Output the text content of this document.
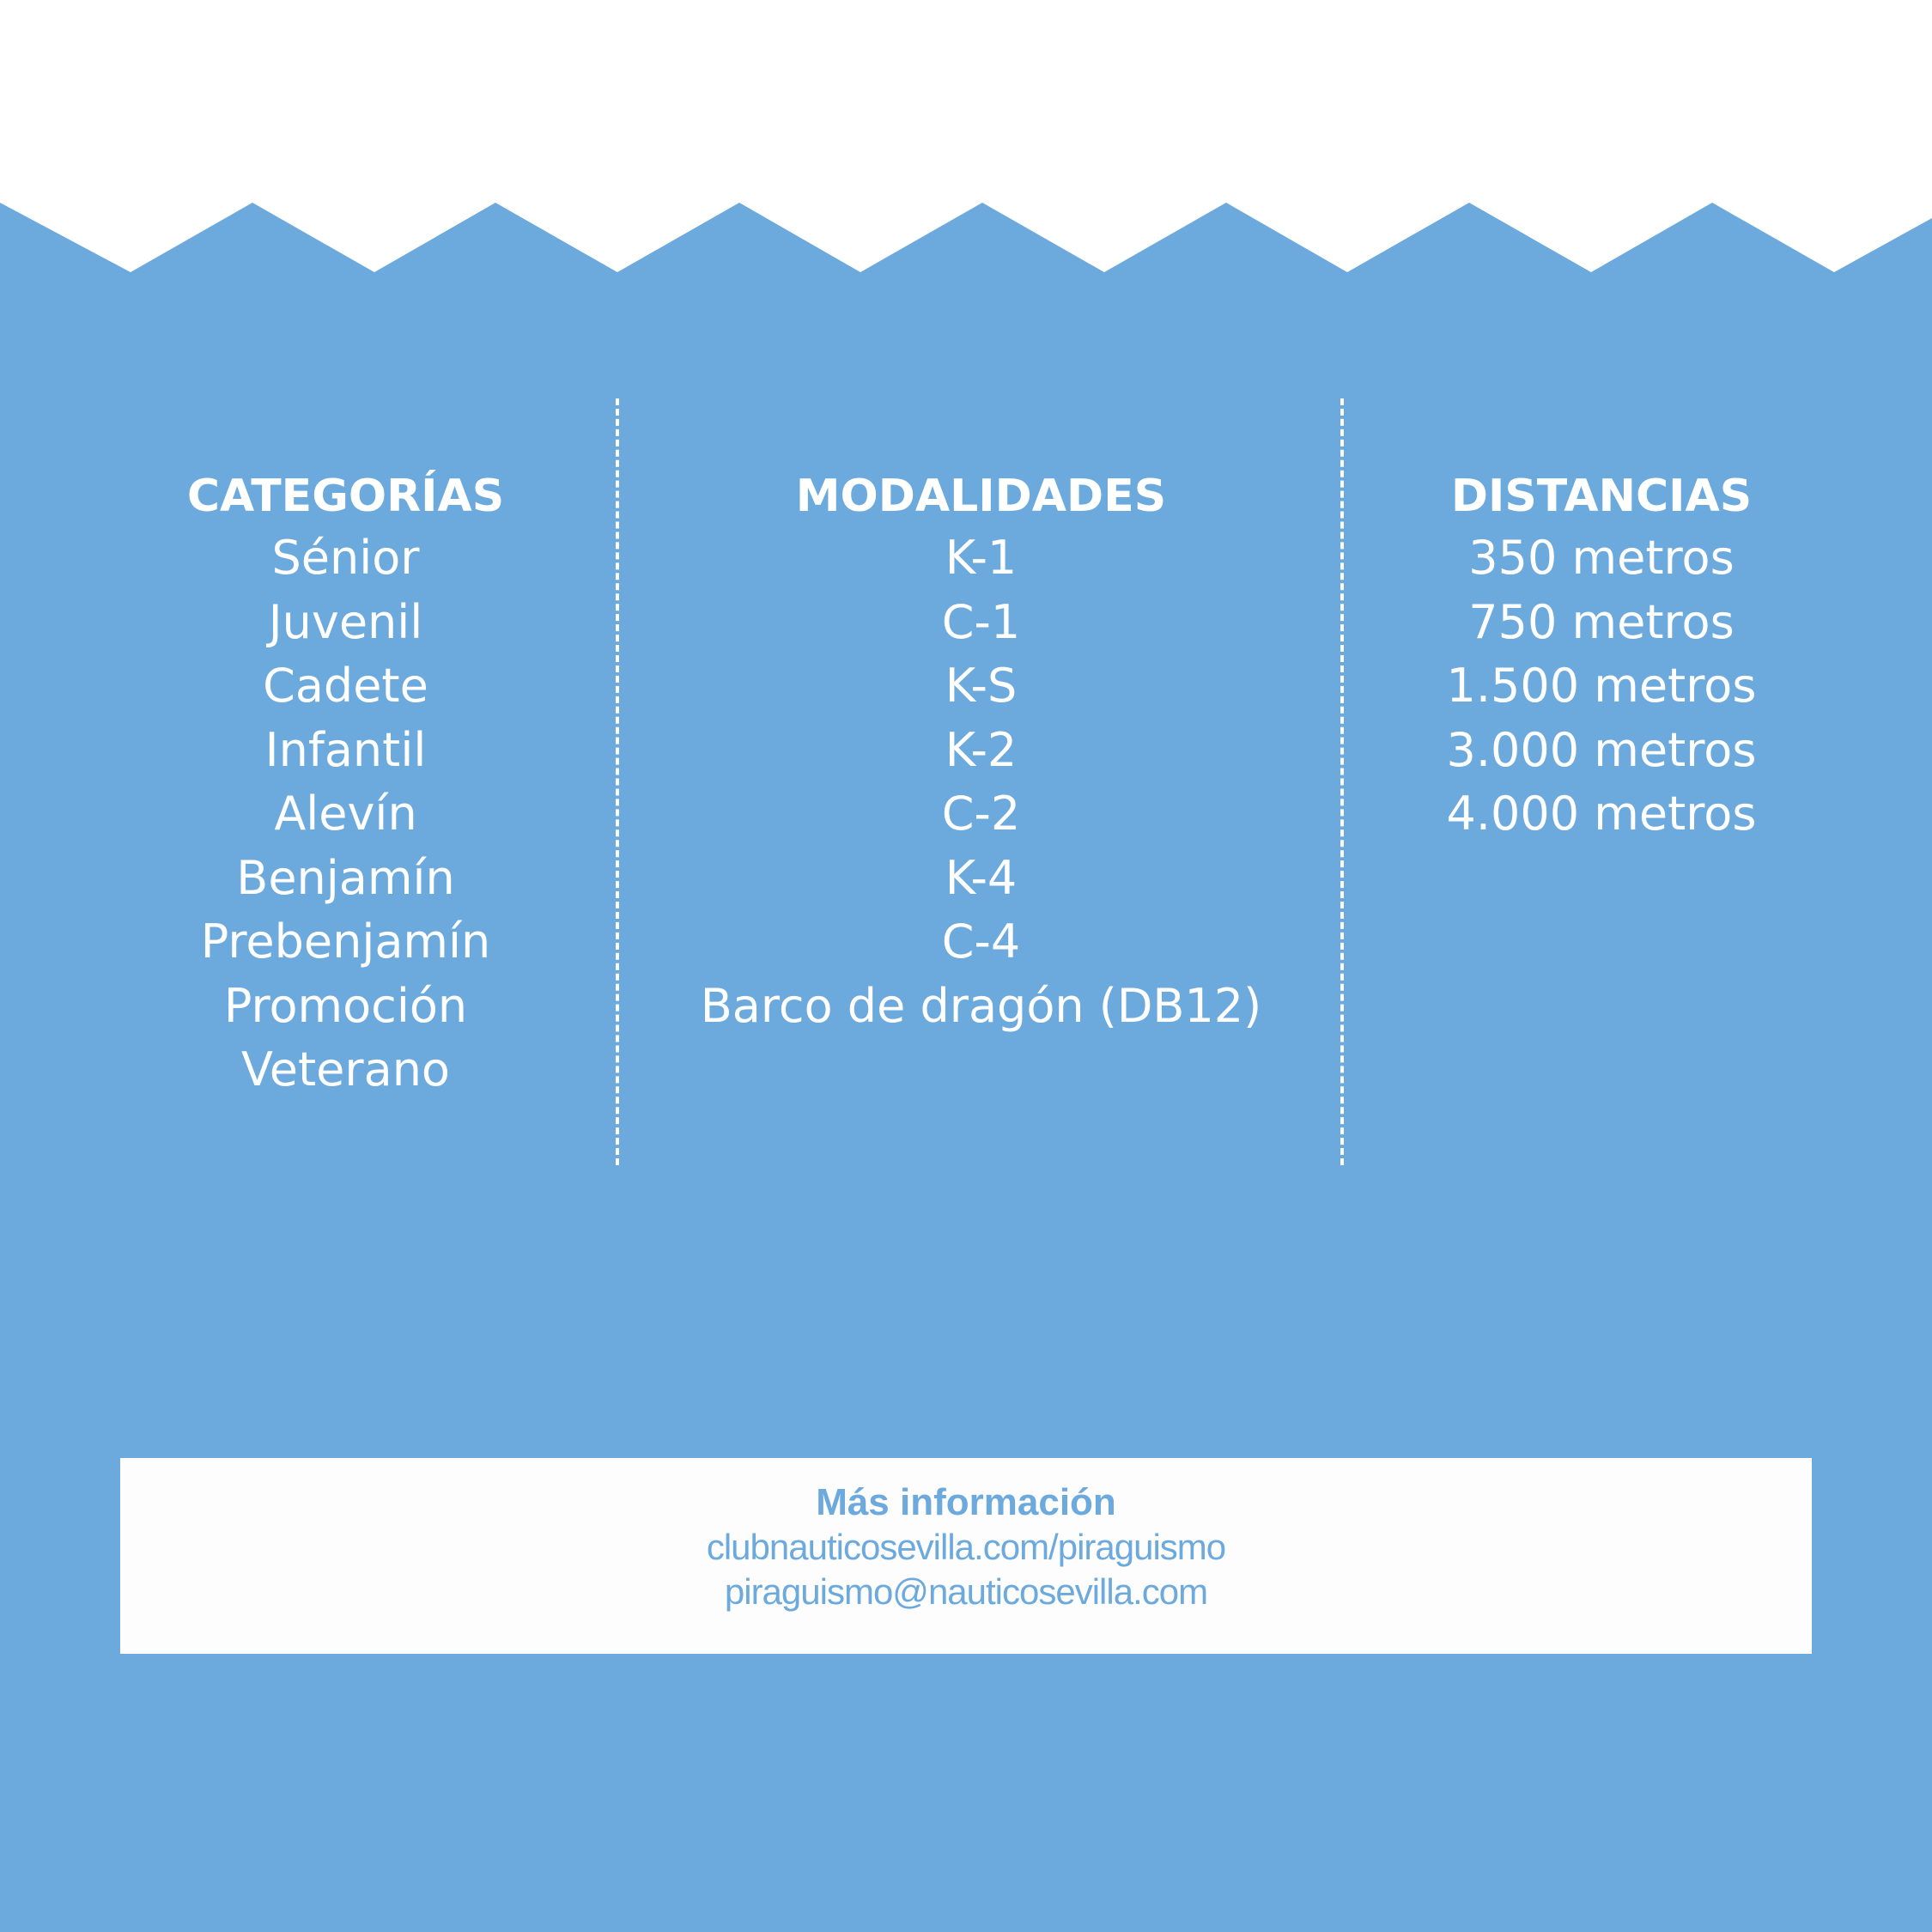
CATEGORÍAS
Sénior
Juvenil
Cadete
Infantil
Alevín
Benjamín
Prebenjamín
Promoción
Veterano
MODALIDADES
K-1
C-1
K-S
K-2
C-2
K-4
C-4
Barco de dragón (DB12)
DISTANCIAS
350 metros
750 metros
1.500 metros
3.000 metros
4.000 metros
Más información
clubnauticosevilla.com/piraguismo
piraguismo@nauticosevilla.com
